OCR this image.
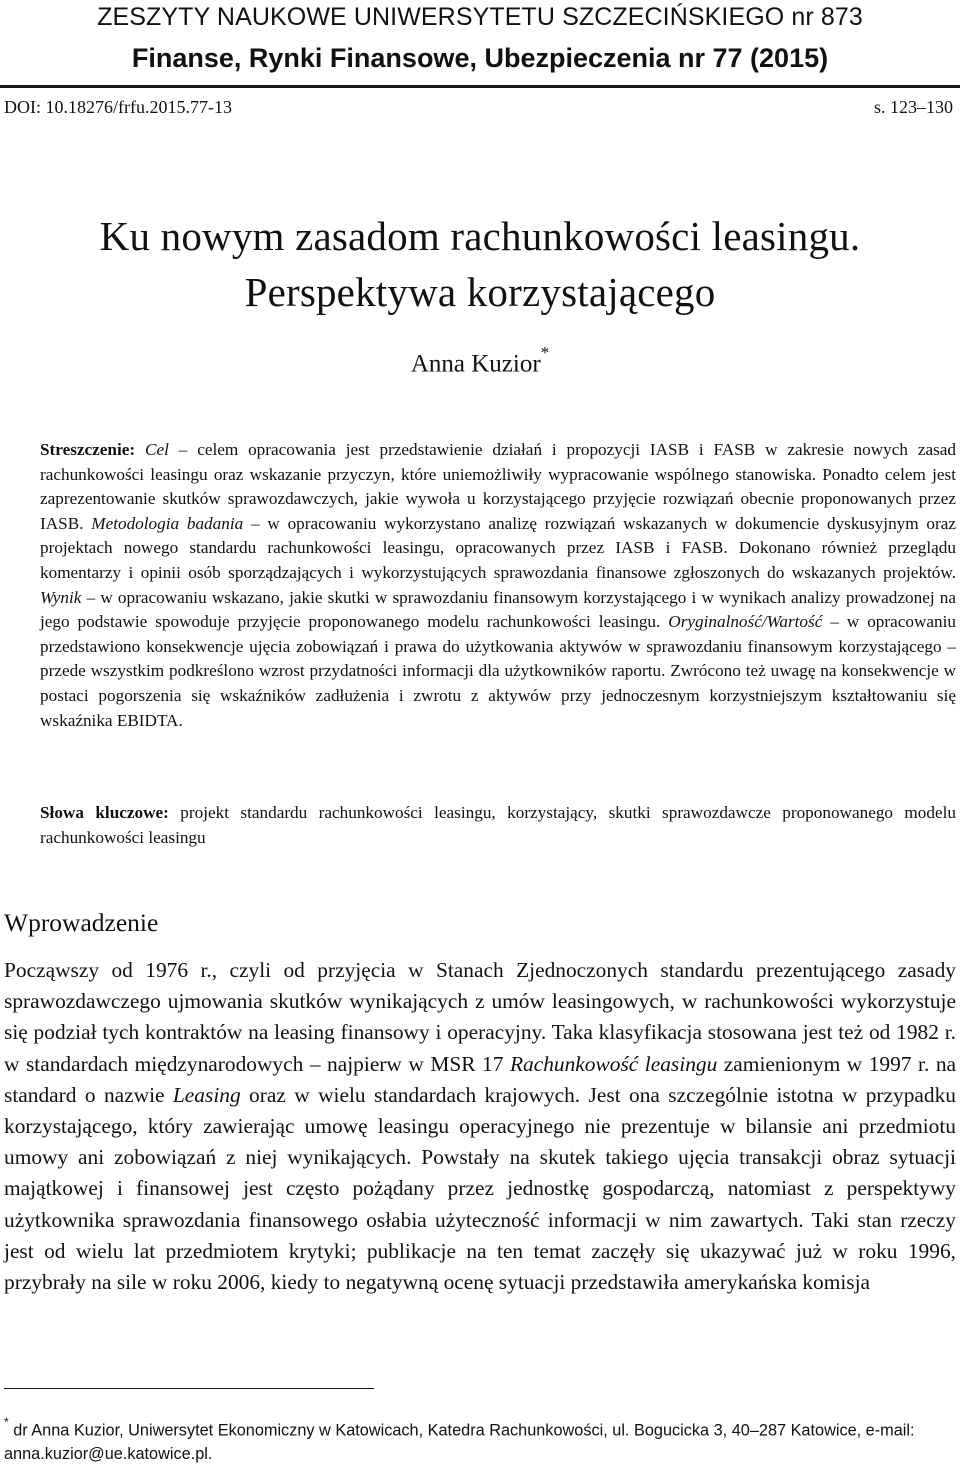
ZESZYTY NAUKOWE UNIWERSYTETU SZCZECIŃSKIEGO nr 873
Finanse, Rynki Finansowe, Ubezpieczenia nr 77 (2015)
DOI: 10.18276/frfu.2015.77-13	s. 123–130
Ku nowym zasadom rachunkowości leasingu.
Perspektywa korzystającego
Anna Kuzior*

Streszczenie: Cel – celem opracowania jest przedstawienie działań i propozycji IASB i FASB w zakresie nowych zasad rachunkowości leasingu oraz wskazanie przyczyn, które uniemożliwiły wypracowanie wspólnego stanowiska. Ponadto celem jest zaprezentowanie skutków sprawozdawczych, jakie wywoła u korzystającego przyjęcie rozwiązań obecnie proponowanych przez IASB. Metodologia badania – w opracowaniu wykorzystano analizę rozwiązań wskazanych w dokumencie dyskusyjnym oraz projektach nowego standardu rachunkowości leasingu, opracowanych przez IASB i FASB. Dokonano również przeglądu komentarzy i opinii osób sporządzających i wykorzystujących sprawozdania finansowe zgłoszonych do wskazanych projektów. Wynik – w opracowaniu wskazano, jakie skutki w sprawozdaniu finansowym korzystającego i w wynikach analizy prowadzonej na jego podstawie spowoduje przyjęcie proponowanego modelu rachunkowości leasingu. Oryginalność/Wartość – w opracowaniu przedstawiono konsekwencje ujęcia zobowiązań i prawa do użytkowania aktywów w sprawozdaniu finansowym korzystającego – przede wszystkim podkreślono wzrost przydatności informacji dla użytkowników raportu. Zwrócono też uwagę na konsekwencje w postaci pogorszenia się wskaźników zadłużenia i zwrotu z aktywów przy jednoczesnym korzystniejszym kształtowaniu się wskaźnika EBIDTA.

Słowa kluczowe: projekt standardu rachunkowości leasingu, korzystający, skutki sprawozdawcze proponowanego modelu rachunkowości leasingu

Wprowadzenie

Począwszy od 1976 r., czyli od przyjęcia w Stanach Zjednoczonych standardu prezentującego zasady sprawozdawczego ujmowania skutków wynikających z umów leasingowych, w rachunkowości wykorzystuje się podział tych kontraktów na leasing finansowy i operacyjny. Taka klasyfikacja stosowana jest też od 1982 r. w standardach międzynarodowych – najpierw w MSR 17 Rachunkowość leasingu zamienionym w 1997 r. na standard o nazwie Leasing oraz w wielu standardach krajowych. Jest ona szczególnie istotna w przypadku korzystającego, który zawierając umowę leasingu operacyjnego nie prezentuje w bilansie ani przedmiotu umowy ani zobowiązań z niej wynikających. Powstały na skutek takiego ujęcia transakcji obraz sytuacji majątkowej i finansowej jest często pożądany przez jednostkę gospodarczą, natomiast z perspektywy użytkownika sprawozdania finansowego osłabia użyteczność informacji w nim zawartych. Taki stan rzeczy jest od wielu lat przedmiotem krytyki; publikacje na ten temat zaczęły się ukazywać już w roku 1996, przybrały na sile w roku 2006, kiedy to negatywną ocenę sytuacji przedstawiła amerykańska komisja

* dr Anna Kuzior, Uniwersytet Ekonomiczny w Katowicach, Katedra Rachunkowości, ul. Bogucicka 3, 40–287 Katowice, e-mail: anna.kuzior@ue.katowice.pl.
